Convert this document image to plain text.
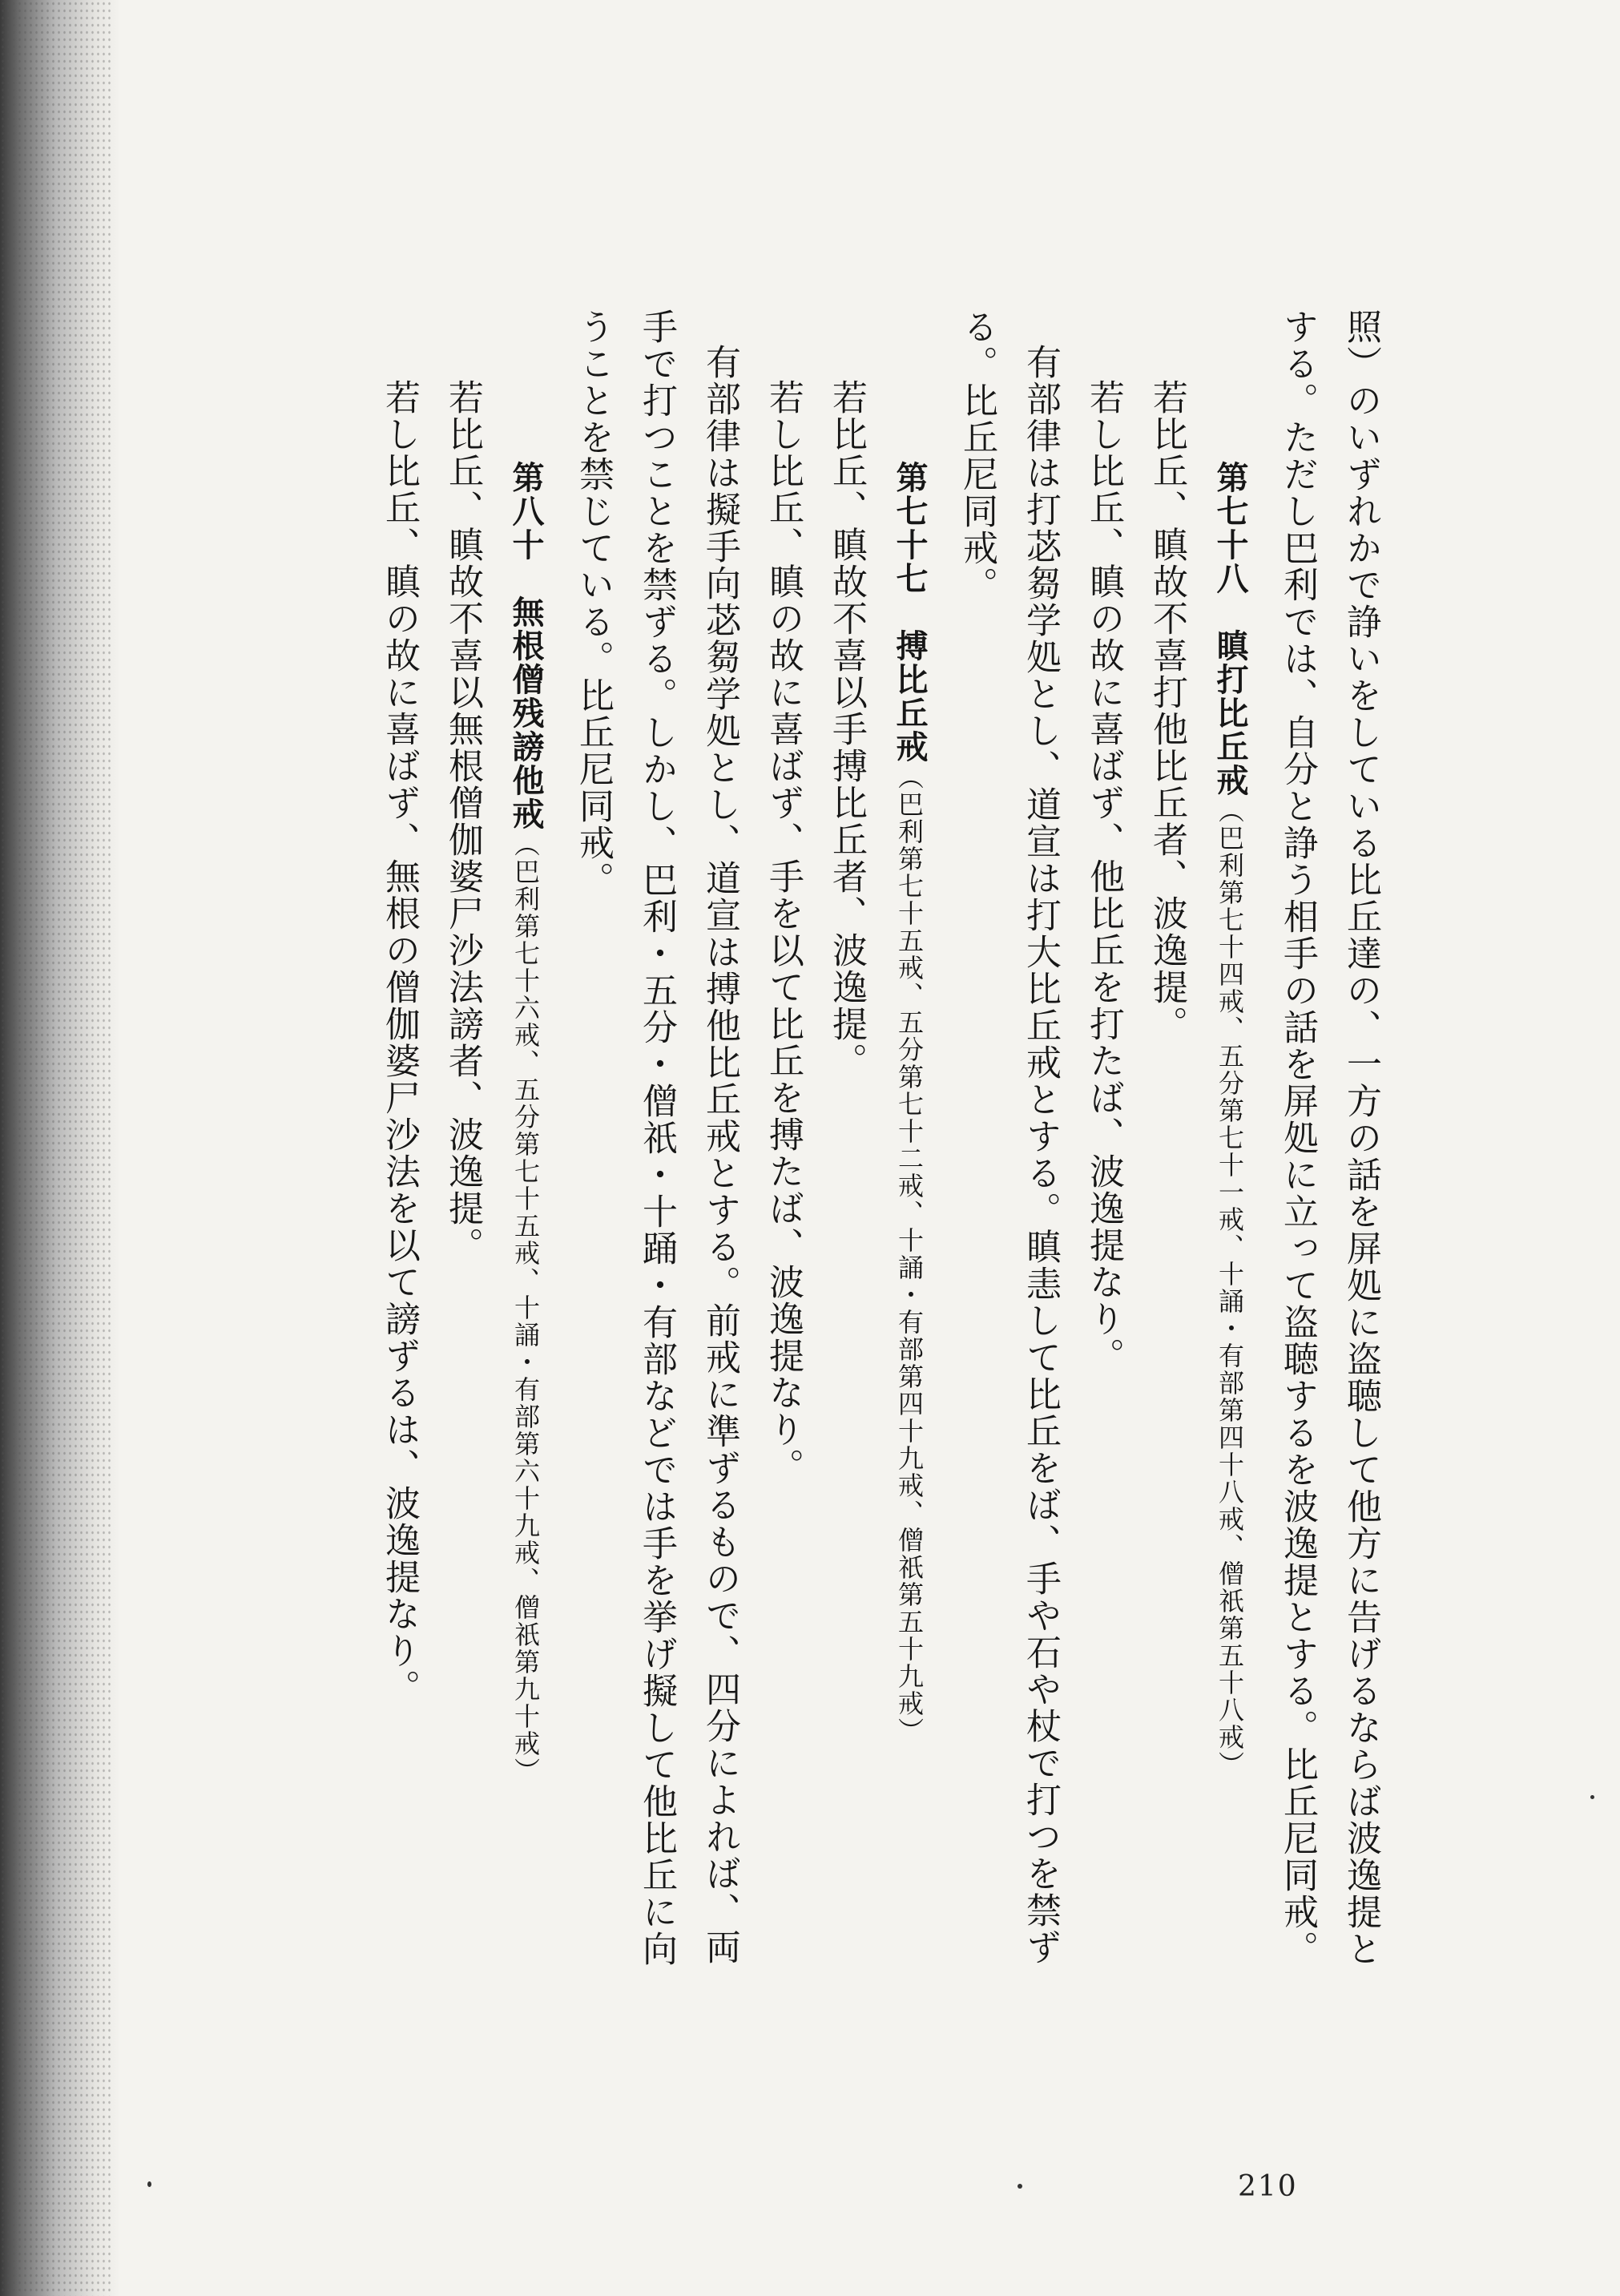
照）のいずれかで諍いをしている比丘達の、一方の話を屏処に盗聴して他方に告げるならば波逸提と
する。ただし巴利では、自分と諍う相手の話を屏処に立って盗聴するを波逸提とする。比丘尼同戒。
第七十八　瞋打比丘戒（巴利第七十四戒、五分第七十一戒、十誦・有部第四十八戒、僧祇第五十八戒）
若比丘、瞋故不喜打他比丘者、波逸提。
若し比丘、瞋の故に喜ばず、他比丘を打たば、波逸提なり。
有部律は打苾芻学処とし、道宣は打大比丘戒とする。瞋恚して比丘をば、手や石や杖で打つを禁ず
る。比丘尼同戒。
第七十七　搏比丘戒（巴利第七十五戒、五分第七十二戒、十誦・有部第四十九戒、僧祇第五十九戒）
若比丘、瞋故不喜以手搏比丘者、波逸提。
若し比丘、瞋の故に喜ばず、手を以て比丘を搏たば、波逸提なり。
有部律は擬手向苾芻学処とし、道宣は搏他比丘戒とする。前戒に準ずるもので、四分によれば、両
手で打つことを禁ずる。しかし、巴利・五分・僧祇・十踊・有部などでは手を挙げ擬して他比丘に向
うことを禁じている。比丘尼同戒。
第八十　無根僧残謗他戒（巴利第七十六戒、五分第七十五戒、十誦・有部第六十九戒、僧祇第九十戒）
若比丘、瞋故不喜以無根僧伽婆尸沙法謗者、波逸提。
若し比丘、瞋の故に喜ばず、無根の僧伽婆尸沙法を以て謗ずるは、波逸提なり。
210
